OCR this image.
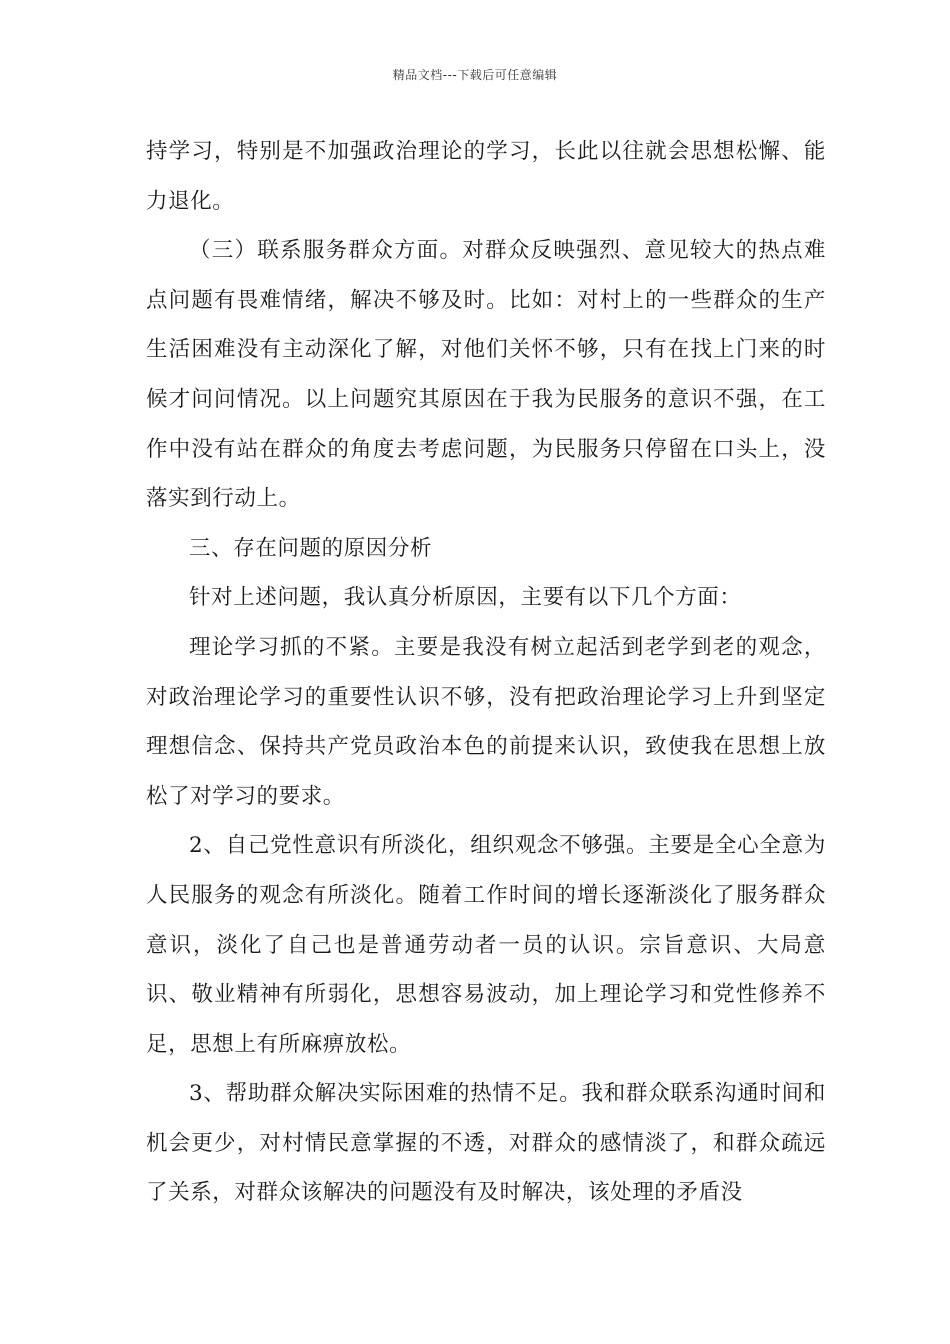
精品文档---下载后可任意编辑

持学习，特别是不加强政治理论的学习，长此以往就会思想松懈、能力退化。

（三）联系服务群众方面。对群众反映强烈、意见较大的热点难点问题有畏难情绪，解决不够及时。比如：对村上的一些群众的生产生活困难没有主动深化了解，对他们关怀不够，只有在找上门来的时候才问问情况。以上问题究其原因在于我为民服务的意识不强，在工作中没有站在群众的角度去考虑问题，为民服务只停留在口头上，没落实到行动上。

三、存在问题的原因分析

针对上述问题，我认真分析原因，主要有以下几个方面：

理论学习抓的不紧。主要是我没有树立起活到老学到老的观念，对政治理论学习的重要性认识不够，没有把政治理论学习上升到坚定理想信念、保持共产党员政治本色的前提来认识，致使我在思想上放松了对学习的要求。

2、自己党性意识有所淡化，组织观念不够强。主要是全心全意为人民服务的观念有所淡化。随着工作时间的增长逐渐淡化了服务群众意识，淡化了自己也是普通劳动者一员的认识。宗旨意识、大局意识、敬业精神有所弱化，思想容易波动，加上理论学习和党性修养不足，思想上有所麻痹放松。

3、帮助群众解决实际困难的热情不足。我和群众联系沟通时间和机会更少，对村情民意掌握的不透，对群众的感情淡了，和群众疏远了关系，对群众该解决的问题没有及时解决，该处理的矛盾没
